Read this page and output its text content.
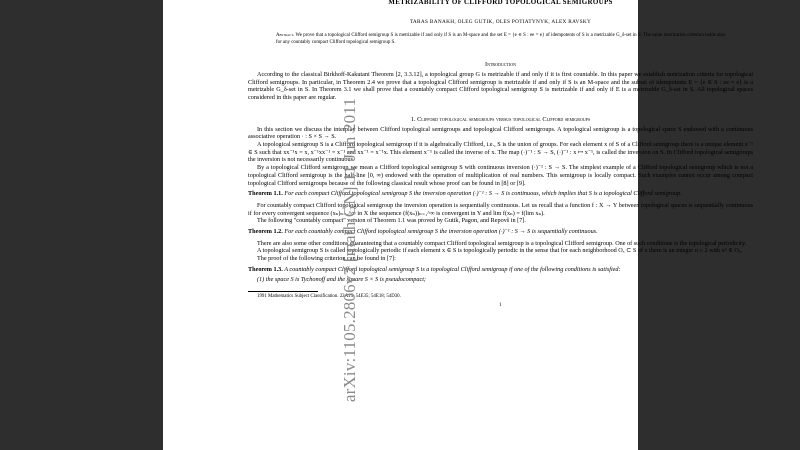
METRIZABILITY OF CLIFFORD TOPOLOGICAL SEMIGROUPS
TARAS BANAKH, OLEG GUTIK, OLES POTIATYNYK, ALEX RAVSKY
Abstract. We prove that a topological Clifford semigroup S is metrizable if and only if S is an M-space and the set E = {e ∈ S : ee = e} of idempotents of S is a metrizable G_δ-set in S. The same metrization criterion holds also for any countably compact Clifford topological semigroup S.
Introduction

According to the classical Birkhoff-Kakutani Theorem [2, 3.3.12], a topological group G is metrizable if and only if it is first countable. In this paper we establish metrization criteria for topological Clifford semigroups. In particular, in Theorem 2.4 we prove that a topological Clifford semigroup is metrizable if and only if S is an M-space and the subset of idempotents E = {e ∈ S : ee = e} is a metrizable G_δ-set in S. In Theorem 3.1 we shall prove that a countably compact Clifford topological semigroup S is metrizable if and only if E is a metrizable G_δ-set in S. All topological spaces considered in this paper are regular.

1. Clifford topological semigroups versus topological Clifford semigroups

In this section we discuss the interplay between Clifford topological semigroups and topological Clifford semigroups. A topological semigroup is a topological space S endowed with a continuous associative operation · : S × S → S.

A topological semigroup S is a Clifford topological semigroup if it is algebraically Clifford, i.e., S is the union of groups. For each element x of S of a Clifford semigroup there is a unique element x⁻¹ ∈ S such that xx⁻¹x = x, x⁻¹xx⁻¹ = x⁻¹ and xx⁻¹ = x⁻¹x. This element x⁻¹ is called the inverse of x. The map (·)⁻¹ : S → S, (·)⁻¹ : x ↦ x⁻¹, is called the inversion on S. In Clifford topological semigroups the inversion is not necessarily continuous.

By a topological Clifford semigroup we mean a Clifford topological semigroup S with continuous inversion (·)⁻¹ : S → S. The simplest example of a Clifford topological semigroup which is not a topological Clifford semigroup is the half-line [0, ∞) endowed with the operation of multiplication of real numbers. This semigroup is locally compact. Such examples cannot occur among compact topological Clifford semigroups because of the following classical result whose proof can be found in [8] or [9].

Theorem 1.1. For each compact Clifford topological semigroup S the inversion operation (·)⁻¹ : S → S is continuous, which implies that S is a topological Clifford semigroup.

For countably compact Clifford topological semigroup the inversion operation is sequentially continuous. Let us recall that a function f : X → Y between topological spaces is sequentially continuous if for every convergent sequence (xₙ)ₙ₌₁^∞ in X the sequence (f(xₙ))ₙ₌₁^∞ is convergent in Y and lim f(xₙ) = f(lim xₙ).

The following "countably compact" version of Theorem 1.1 was proved by Gutik, Pagon, and Repovš in [7].

Theorem 1.2. For each countably compact Clifford topological semigroup S the inversion operation (·)⁻¹ : S → S is sequentially continuous.

There are also some other conditions guaranteeing that a countably compact Clifford topological semigroup is a topological Clifford semigroup. One of such conditions is the topological periodicity.

A topological semigroup S is called topologically periodic if each element x ∈ S is topologically periodic in the sense that for each neighborhood Oₓ ⊂ S of x there is an integer n ≥ 2 with xⁿ ∈ Oₓ.

The proof of the following criterion can be found in [7]:

Theorem 1.3. A countably compact Clifford topological semigroup S is a topological Clifford semigroup if one of the following conditions is satisfied:
(1) the space S is Tychonoff and the square S × S is pseudocompact;
1991 Mathematics Subject Classification. 22A15; 54E35; 54E18; 54D30.
1
arXiv:1105.2806v2 [math.GN] 11 Jun 2011
